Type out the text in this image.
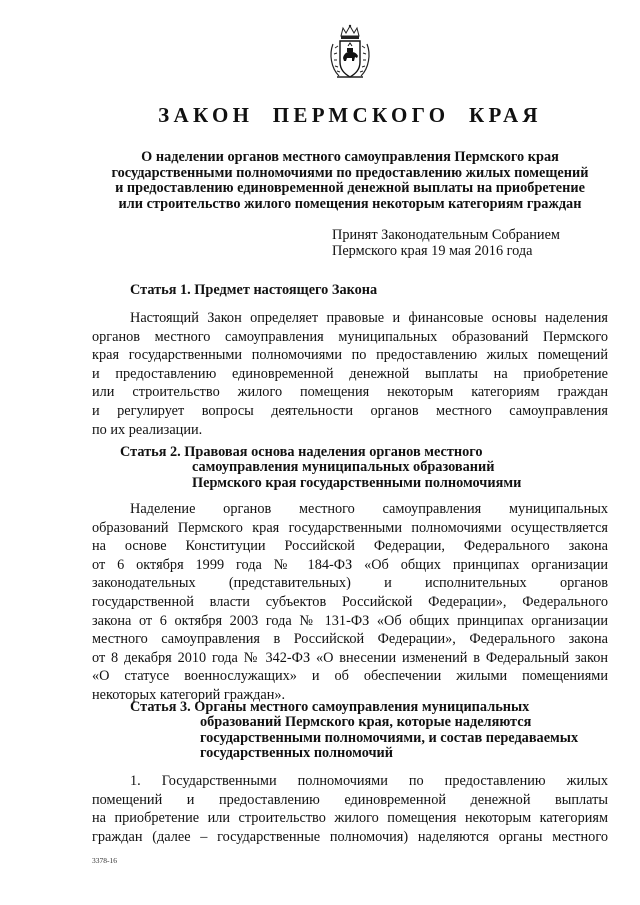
ЗАКОН ПЕРМСКОГО КРАЯ
О наделении органов местного самоуправления Пермского края
государственными полномочиями по предоставлению жилых помещений
и предоставлению единовременной денежной выплаты на приобретение
или строительство жилого помещения некоторым категориям граждан
Принят Законодательным Собранием
Пермского края 19 мая 2016 года
Статья 1. Предмет настоящего Закона
Настоящий Закон определяет правовые и финансовые основы наделения
органов местного самоуправления муниципальных образований Пермского
края государственными полномочиями по предоставлению жилых помещений
и предоставлению единовременной денежной выплаты на приобретение
или строительство жилого помещения некоторым категориям граждан
и регулирует вопросы деятельности органов местного самоуправления
по их реализации.
Статья 2. Правовая основа наделения органов местного
самоуправления муниципальных образований
Пермского края государственными полномочиями
Наделение органов местного самоуправления муниципальных
образований Пермского края государственными полномочиями осуществляется
на основе Конституции Российской Федерации, Федерального закона
от 6 октября 1999 года № 184-ФЗ «Об общих принципах организации
законодательных (представительных) и исполнительных органов
государственной власти субъектов Российской Федерации», Федерального
закона от 6 октября 2003 года № 131-ФЗ «Об общих принципах организации
местного самоуправления в Российской Федерации», Федерального закона
от 8 декабря 2010 года № 342-ФЗ «О внесении изменений в Федеральный закон
«О статусе военнослужащих» и об обеспечении жилыми помещениями
некоторых категорий граждан».
Статья 3. Органы местного самоуправления муниципальных
образований Пермского края, которые наделяются
государственными полномочиями, и состав передаваемых
государственных полномочий
1. Государственными полномочиями по предоставлению жилых
помещений и предоставлению единовременной денежной выплаты
на приобретение или строительство жилого помещения некоторым категориям
граждан (далее – государственные полномочия) наделяются органы местного
3378-16
